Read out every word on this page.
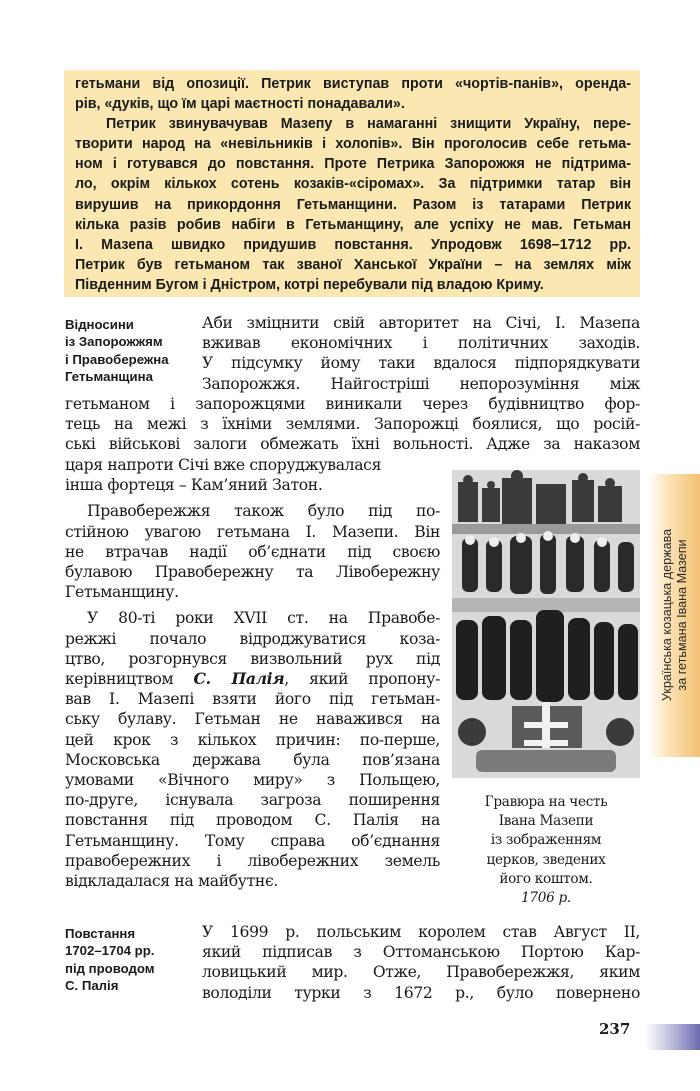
гетьмани від опозиції. Петрик виступав проти «чортів-панів», оренда-
рів, «дуків, що їм царі маєтності понадавали».

Петрик звинувачував Мазепу в намаганні знищити Україну, пере-
творити народ на «невільників і холопів». Він проголосив себе гетьма-
ном і готувався до повстання. Проте Петрика Запорожжя не підтрима-
ло, окрім кількох сотень козаків-«сіромах». За підтримки татар він
вирушив на прикордоння Гетьманщини. Разом із татарами Петрик
кілька разів робив набіги в Гетьманщину, але успіху не мав. Гетьман
І. Мазепа швидко придушив повстання. Упродовж 1698–1712 рр.
Петрик був гетьманом так званої Ханської України – на землях між
Південним Бугом і Дністром, котрі перебували під владою Криму.

Відносини
із Запорожжям
і Правобережна
Гетьманщина
Аби зміцнити свій авторитет на Січі, І. Мазепа
вживав економічних і політичних заходів.
У підсумку йому таки вдалося підпорядкувати
Запорожжя. Найгостріші непорозуміння між
гетьманом і запорожцями виникали через будівництво фор-
тець на межі з їхніми землями. Запорожці боялися, що росій-
ські військові залоги обмежать їхні вольності. Адже за наказом
царя напроти Січі вже споруджувалася
інша фортеця – Кам’яний Затон.
Правобережжя також було під по-
стійною увагою гетьмана І. Мазепи. Він
не втрачав надії об’єднати під своєю
булавою Правобережну та Лівобережну
Гетьманщину.
У 80-ті роки XVII ст. на Правобе-
режжі почало відроджуватися коза-
цтво, розгорнувся визвольний рух під
керівництвом С. Палія, який пропону-
вав І. Мазепі взяти його під гетьман-
ську булаву. Гетьман не наважився на
цей крок з кількох причин: по-перше,
Московська держава була пов’язана
умовами «Вічного миру» з Польщею,
по-друге, існувала загроза поширення
повстання під проводом С. Палія на
Гетьманщину. Тому справа об’єднання
правобережних і лівобережних земель
відкладалася на майбутнє.
Гравюра на честь
Івана Мазепи
із зображенням
церков, зведених
його коштом.
1706 р.
Повстання
1702–1704 рр.
під проводом
С. Палія
У 1699 р. польським королем став Август II,
який підписав з Оттоманською Портою Кар-
ловицький мир. Отже, Правобережжя, яким
володіли турки з 1672 р., було повернено
Українська козацька держава за гетьмана Івана Мазепи
237
